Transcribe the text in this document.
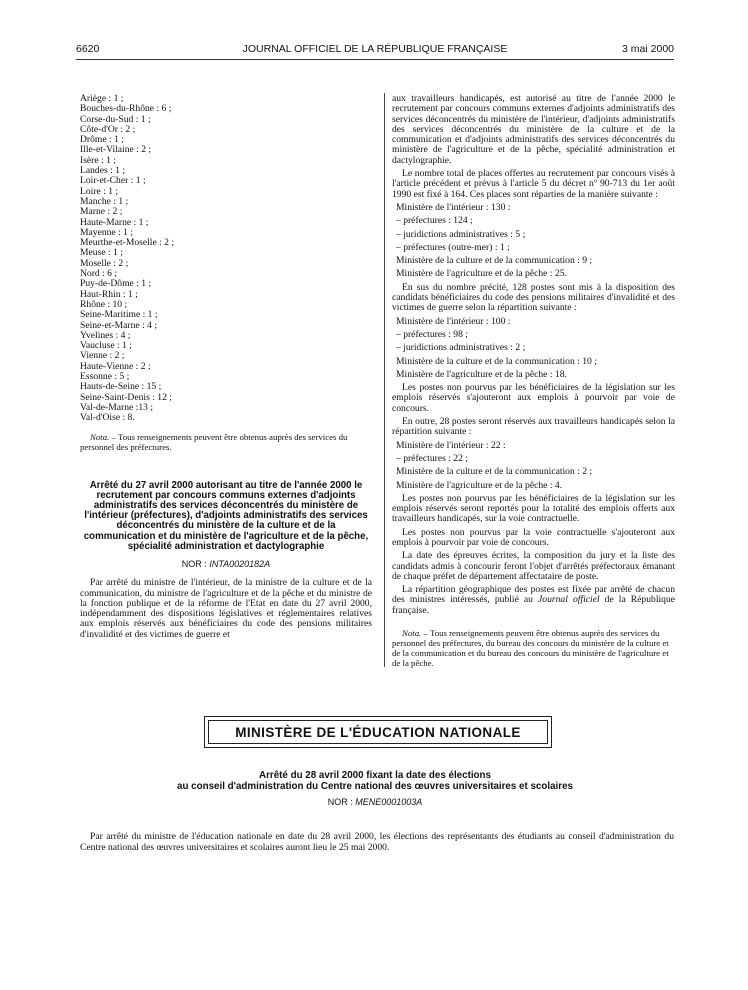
6620	JOURNAL OFFICIEL DE LA RÉPUBLIQUE FRANÇAISE	3 mai 2000
Ariège : 1 ;
Bouches-du-Rhône : 6 ;
Corse-du-Sud : 1 ;
Côte-d'Or : 2 ;
Drôme : 1 ;
Ille-et-Vilaine : 2 ;
Isère : 1 ;
Landes : 1 ;
Loir-et-Cher : 1 ;
Loire : 1 ;
Manche : 1 ;
Marne : 2 ;
Haute-Marne : 1 ;
Mayenne : 1 ;
Meurthe-et-Moselle : 2 ;
Meuse : 1 ;
Moselle : 2 ;
Nord : 6 ;
Puy-de-Dôme : 1 ;
Haut-Rhin : 1 ;
Rhône : 10 ;
Seine-Maritime : 1 ;
Seine-et-Marne : 4 ;
Yvelines : 4 ;
Vaucluse : 1 ;
Vienne : 2 ;
Haute-Vienne : 2 ;
Essonne : 5 ;
Hauts-de-Seine : 15 ;
Seine-Saint-Denis : 12 ;
Val-de-Marne :13 ;
Val-d'Oise : 8.

Nota. – Tous renseignements peuvent être obtenus auprès des services du personnel des préfectures.

Arrêté du 27 avril 2000 autorisant au titre de l'année 2000 le recrutement par concours communs externes d'adjoints administratifs des services déconcentrés du ministère de l'intérieur (préfectures), d'adjoints administratifs des services déconcentrés du ministère de la culture et de la communication et du ministère de l'agriculture et de la pêche, spécialité administration et dactylographie

NOR : INTA0020182A

Par arrêté du ministre de l'intérieur, de la ministre de la culture et de la communication, du ministre de l'agriculture et de la pêche et du ministre de la fonction publique et de la réforme de l'Etat en date du 27 avril 2000, indépendamment des dispositions législatives et réglementaires relatives aux emplois réservés aux bénéficiaires du code des pensions militaires d'invalidité et des victimes de guerre et

aux travailleurs handicapés, est autorisé au titre de l'année 2000 le recrutement par concours communs externes d'adjoints administratifs des services déconcentrés du ministère de l'intérieur, d'adjoints administratifs des services déconcentrés du ministère de la culture et de la communication et d'adjoints administratifs des services déconcentrés du ministère de l'agriculture et de la pêche, spécialité administration et dactylographie.

Le nombre total de places offertes au recrutement par concours visés à l'article précédent et prévus à l'article 5 du décret nº 90-713 du 1er août 1990 est fixé à 164. Ces places sont réparties de la manière suivante :

Ministère de l'intérieur : 130 :
– préfectures : 124 ;
– juridictions administratives : 5 ;
– préfectures (outre-mer) : 1 ;
Ministère de la culture et de la communication : 9 ;
Ministère de l'agriculture et de la pêche : 25.

En sus du nombre précité, 128 postes sont mis à la disposition des candidats bénéficiaires du code des pensions militaires d'invalidité et des victimes de guerre selon la répartition suivante :

Ministère de l'intérieur : 100 :
– préfectures : 98 ;
– juridictions administratives : 2 ;
Ministère de la culture et de la communication : 10 ;
Ministère de l'agriculture et de la pêche : 18.

Les postes non pourvus par les bénéficiaires de la législation sur les emplois réservés s'ajouteront aux emplois à pourvoir par voie de concours.

En outre, 28 postes seront réservés aux travailleurs handicapés selon la répartition suivante :

Ministère de l'intérieur : 22 :
– préfectures : 22 ;
Ministère de la culture et de la communication : 2 ;
Ministère de l'agriculture et de la pêche : 4.

Les postes non pourvus par les bénéficiaires de la législation sur les emplois réservés seront reportés pour la totalité des emplois offerts aux travailleurs handicapés, sur la voie contractuelle.

Les postes non pourvus par la voie contractuelle s'ajouteront aux emplois à pourvoir par voie de concours.

La date des épreuves écrites, la composition du jury et la liste des candidats admis à concourir feront l'objet d'arrêtés préfectoraux émanant de chaque préfet de département affectataire de poste.

La répartition géographique des postes est fixée par arrêté de chacun des ministres intéressés, publié au Journal officiel de la République française.

Nota. – Tous renseignements peuvent être obtenus auprès des services du personnel des préfectures, du bureau des concours du ministère de la culture et de la communication et du bureau des concours du ministère de l'agriculture et de la pêche.

MINISTÈRE DE L'ÉDUCATION NATIONALE
Arrêté du 28 avril 2000 fixant la date des élections
au conseil d'administration du Centre national des œuvres universitaires et scolaires
NOR : MENE0001003A

Par arrêté du ministre de l'éducation nationale en date du 28 avril 2000, les élections des représentants des étudiants au conseil d'administration du Centre national des œuvres universitaires et scolaires auront lieu le 25 mai 2000.
